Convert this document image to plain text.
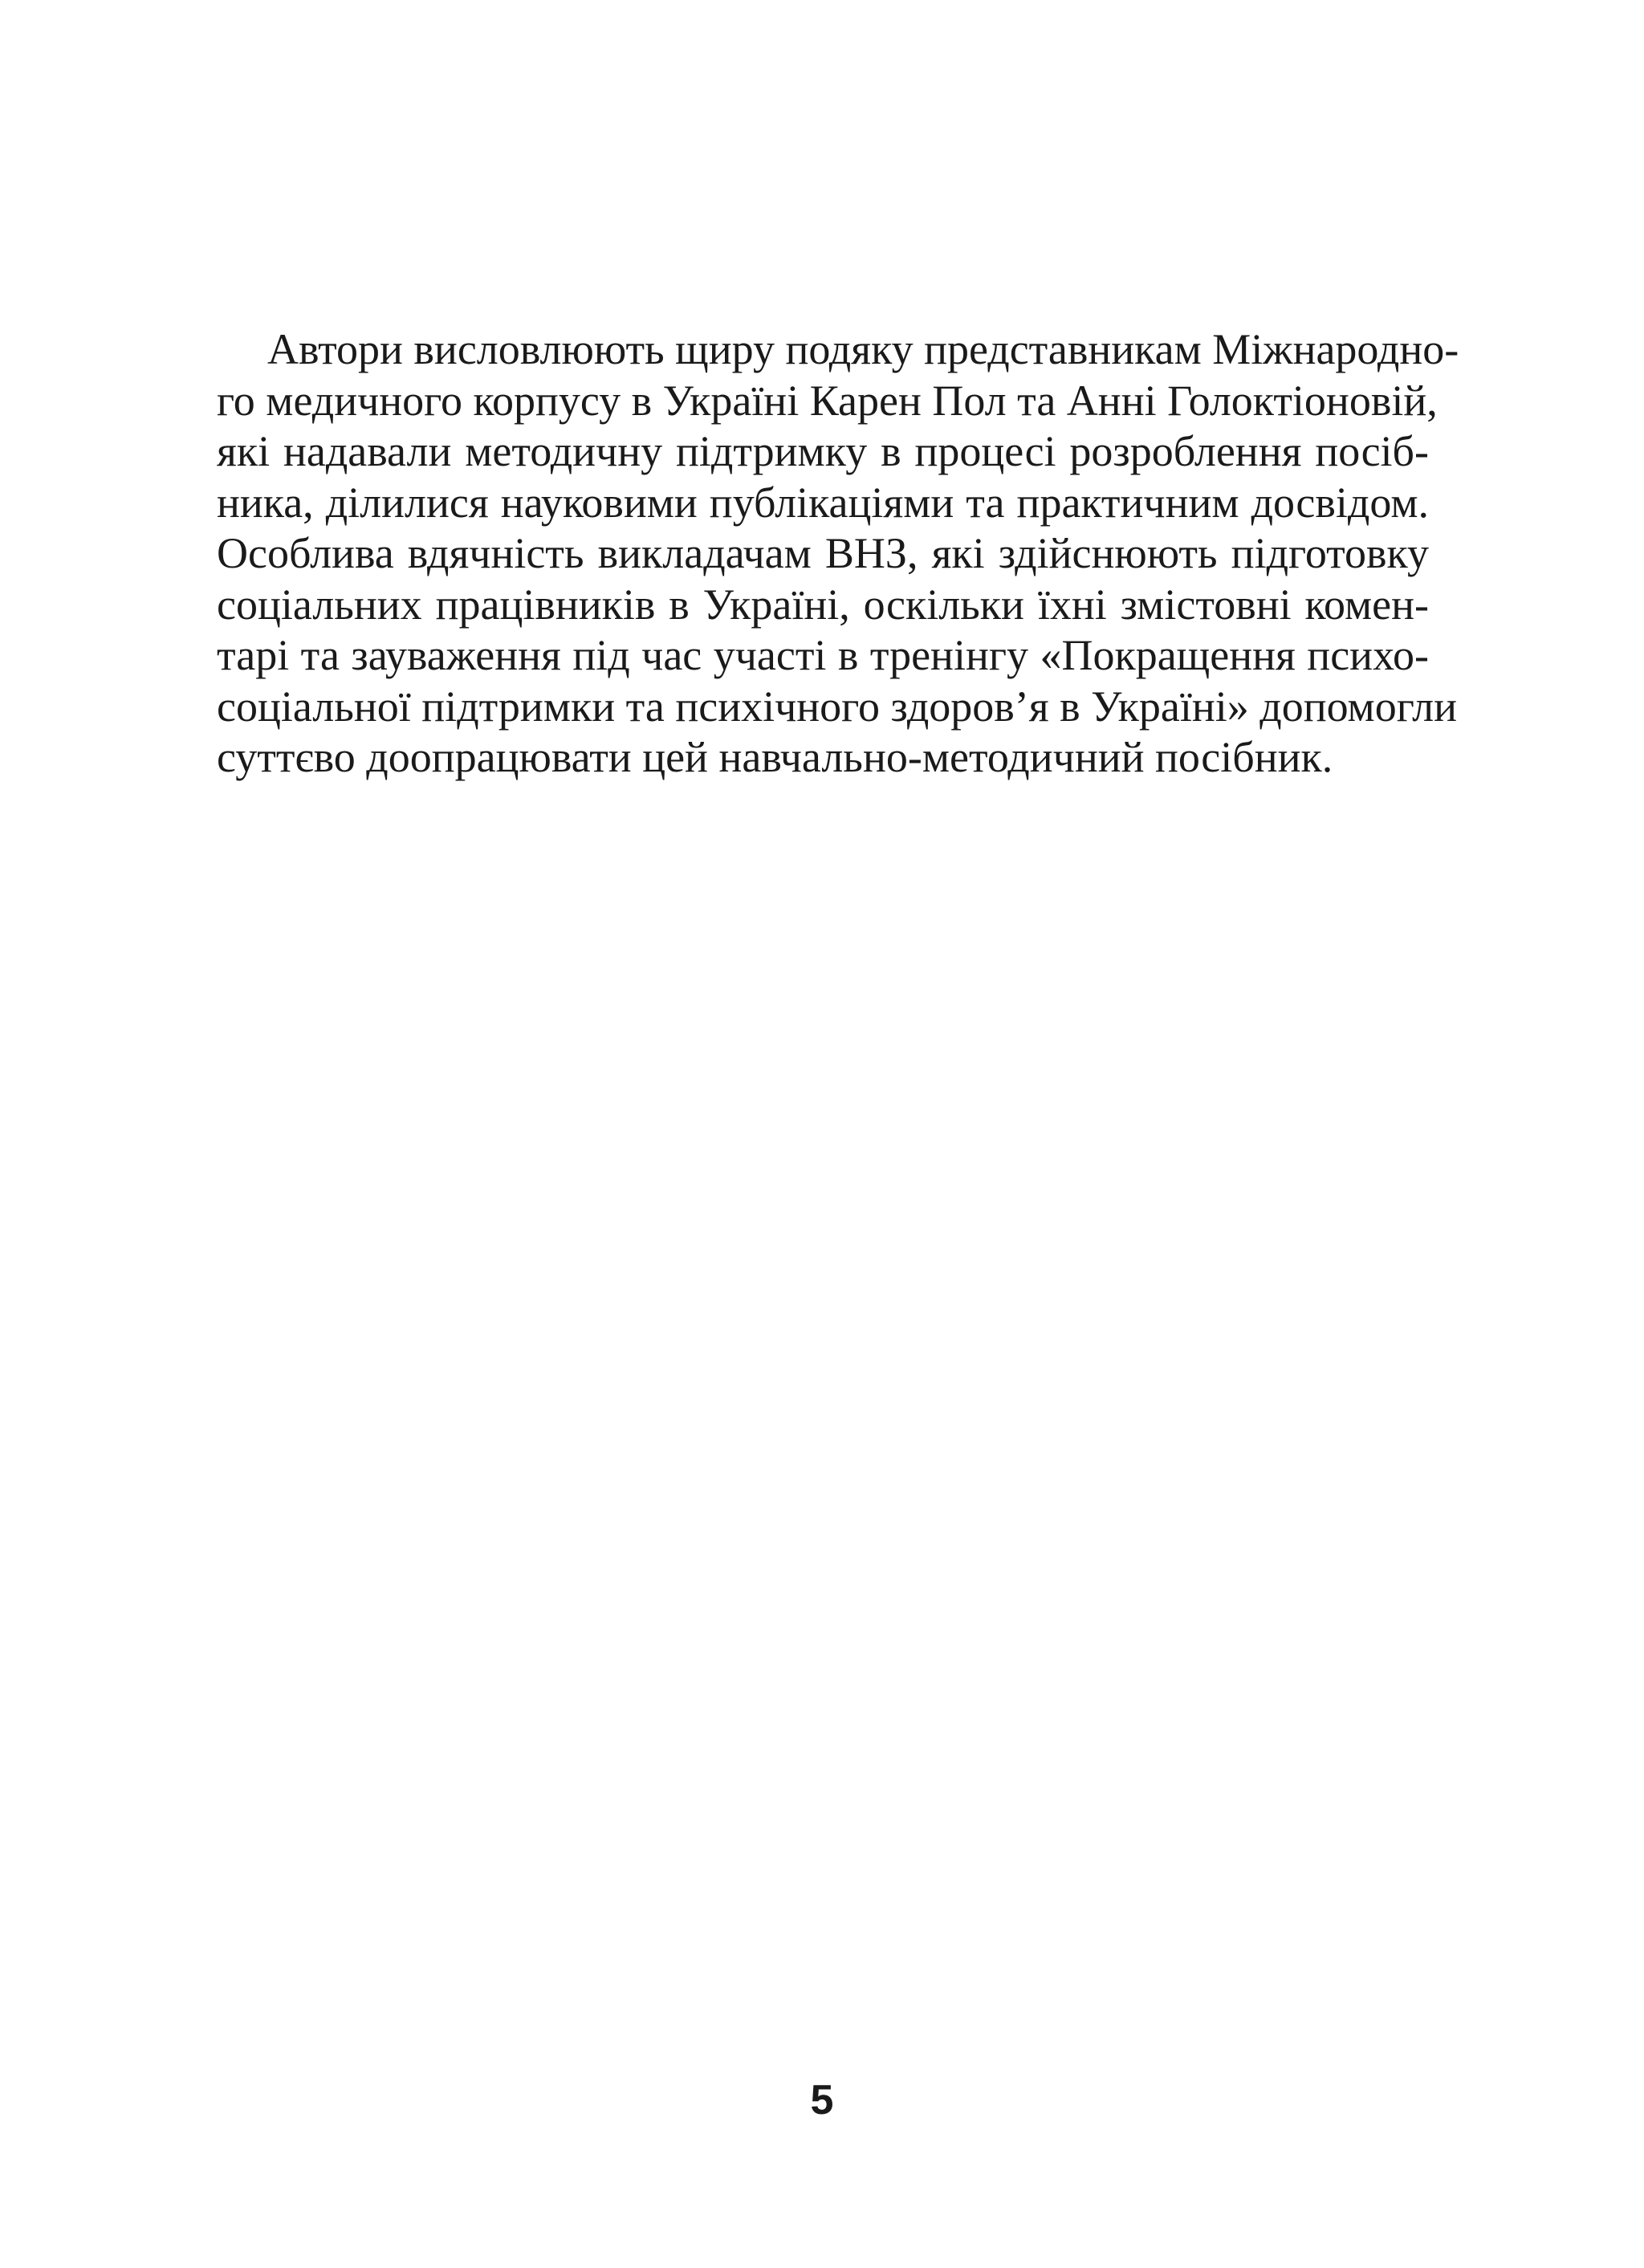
Автори висловлюють щиру подяку представникам Міжнародно-
го медичного корпусу в Україні Карен Пол та Анні Голоктіоновій,
які надавали методичну підтримку в процесі розроблення посіб-
ника, ділилися науковими публікаціями та практичним досвідом.
Особлива вдячність викладачам ВНЗ, які здійснюють підготовку
соціальних працівників в Україні, оскільки їхні змістовні комен-
тарі та зауваження під час участі в тренінгу «Покращення психо-
соціальної підтримки та психічного здоров’я в Україні» допомогли
суттєво доопрацювати цей навчально-методичний посібник.
5
